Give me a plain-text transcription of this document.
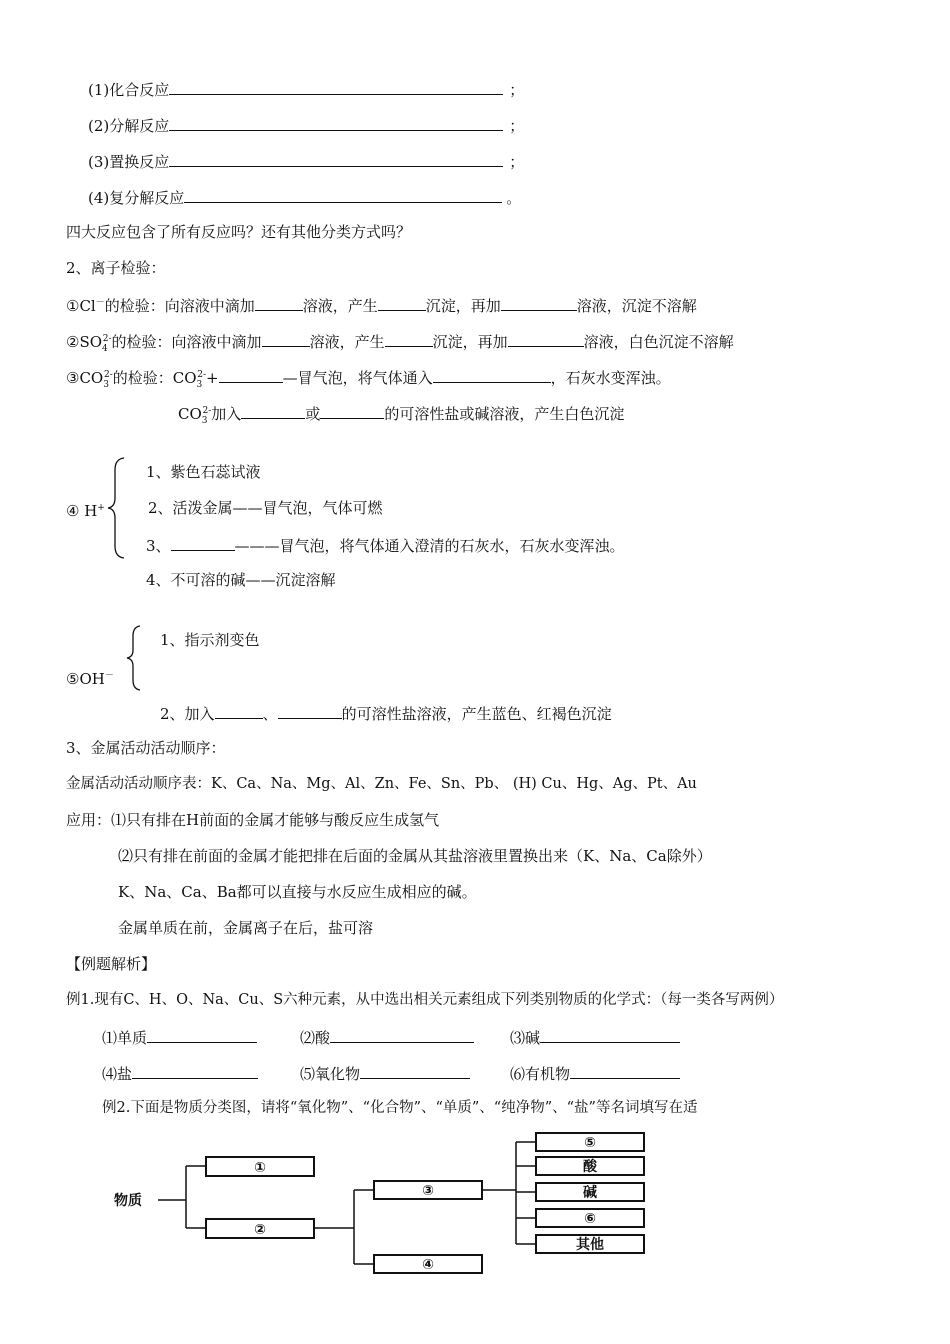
(1)化合反应	；
(2)分解反应	；
(3)置换反应	；
(4)复分解反应	。
四大反应包含了所有反应吗？还有其他分类方式吗？
2、离子检验：
①Cl－的检验：向溶液中滴加	溶液，产生	沉淀，再加	溶液，沉淀不溶解
$②SO_4^{2-}$的检验：向溶液中滴加	溶液，产生	沉淀，再加	溶液，白色沉淀不溶解
$③CO_3^{2-}$的检验：$CO_3^{2-}+$	—冒气泡，将气体通入	，石灰水变浑浊。
$CO_3^{2-}$加入	或	的可溶性盐或碱溶液，产生白色沉淀
④ H+
1、紫色石蕊试液
2、活泼金属——冒气泡，气体可燃
3、	———冒气泡，将气体通入澄清的石灰水，石灰水变浑浊。
4、不可溶的碱——沉淀溶解
⑤OH－
1、指示剂变色
2、加入	、	的可溶性盐溶液，产生蓝色、红褐色沉淀
3、金属活动活动顺序：
金属活动活动顺序表：K、Ca、Na、Mg、Al、Zn、Fe、Sn、Pb、 (H) Cu、Hg、Ag、Pt、Au
应用：⑴只有排在H前面的金属才能够与酸反应生成氢气
⑵只有排在前面的金属才能把排在后面的金属从其盐溶液里置换出来（K、Na、Ca除外）
K、Na、Ca、Ba都可以直接与水反应生成相应的碱。
金属单质在前，金属离子在后，盐可溶
【例题解析】
例1.现有C、H、O、Na、Cu、S六种元素，从中选出相关元素组成下列类别物质的化学式：（每一类各写两例）
⑴单质	⑵酸	⑶碱
⑷盐	⑸氧化物	⑹有机物
例2.下面是物质分类图，请将“氧化物”、“化合物”、“单质”、“纯净物”、“盐”等名词填写在适
物质
①
②
③
④
⑤
酸
碱
⑥
其他
